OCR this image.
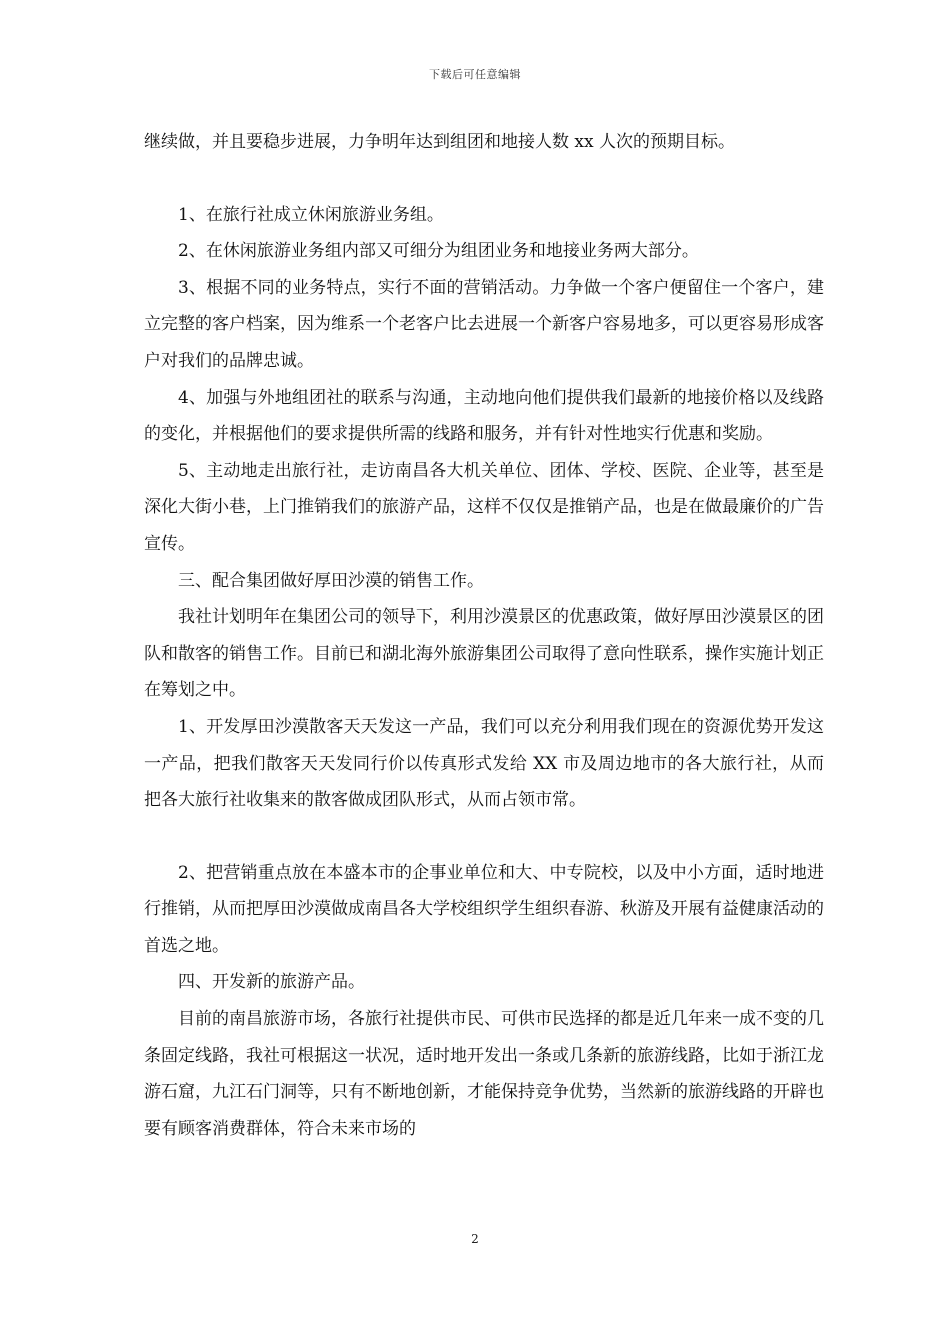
下载后可任意编辑

继续做，并且要稳步进展，力争明年达到组团和地接人数 xx 人次的预期目标。

1、在旅行社成立休闲旅游业务组。

2、在休闲旅游业务组内部又可细分为组团业务和地接业务两大部分。

3、根据不同的业务特点，实行不面的营销活动。力争做一个客户便留住一个客户，建立完整的客户档案，因为维系一个老客户比去进展一个新客户容易地多，可以更容易形成客户对我们的品牌忠诚。

4、加强与外地组团社的联系与沟通，主动地向他们提供我们最新的地接价格以及线路的变化，并根据他们的要求提供所需的线路和服务，并有针对性地实行优惠和奖励。

5、主动地走出旅行社，走访南昌各大机关单位、团体、学校、医院、企业等，甚至是深化大街小巷，上门推销我们的旅游产品，这样不仅仅是推销产品，也是在做最廉价的广告宣传。

三、配合集团做好厚田沙漠的销售工作。

我社计划明年在集团公司的领导下，利用沙漠景区的优惠政策，做好厚田沙漠景区的团队和散客的销售工作。目前已和湖北海外旅游集团公司取得了意向性联系，操作实施计划正在筹划之中。

1、开发厚田沙漠散客天天发这一产品，我们可以充分利用我们现在的资源优势开发这一产品，把我们散客天天发同行价以传真形式发给 XX 市及周边地市的各大旅行社，从而把各大旅行社收集来的散客做成团队形式，从而占领市常。

2、把营销重点放在本盛本市的企事业单位和大、中专院校，以及中小方面，适时地进行推销，从而把厚田沙漠做成南昌各大学校组织学生组织春游、秋游及开展有益健康活动的首选之地。

四、开发新的旅游产品。

目前的南昌旅游市场，各旅行社提供市民、可供市民选择的都是近几年来一成不变的几条固定线路，我社可根据这一状况，适时地开发出一条或几条新的旅游线路，比如于浙江龙游石窟，九江石门洞等，只有不断地创新，才能保持竞争优势，当然新的旅游线路的开辟也要有顾客消费群体，符合未来市场的

2
